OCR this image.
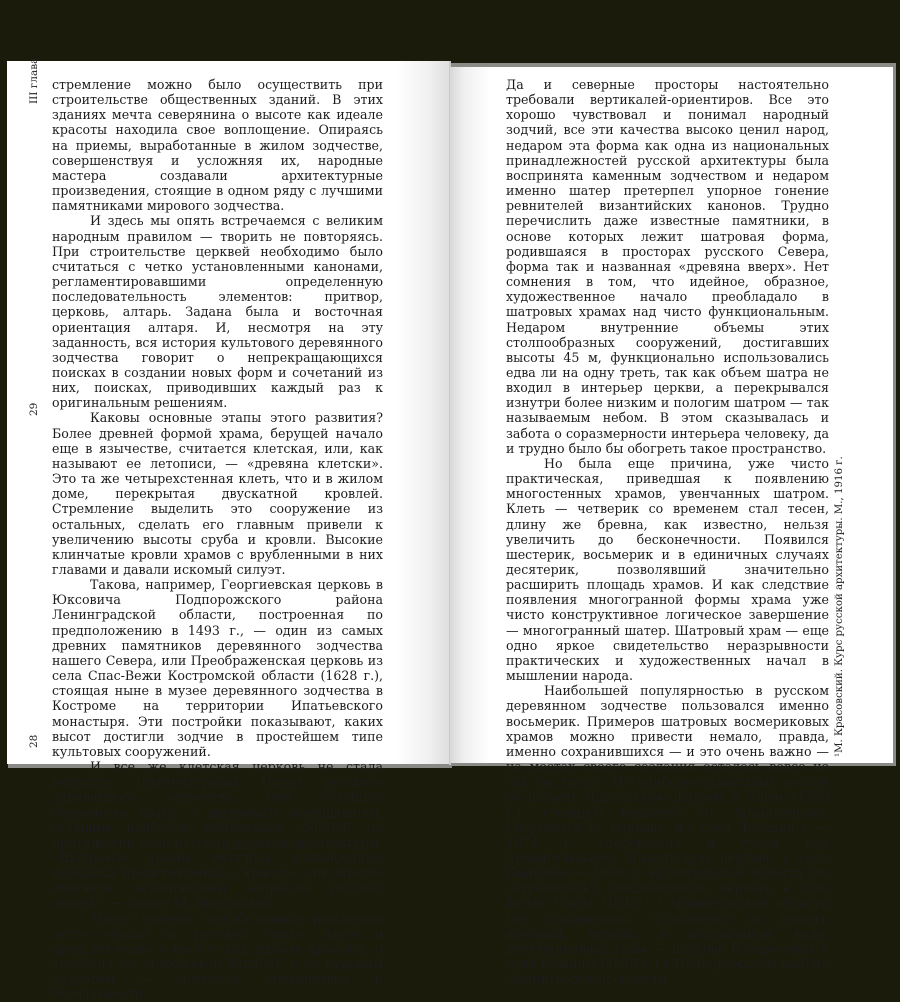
III глава
29
28

стремление можно было осуществить при строительстве общественных зданий. В этих зданиях мечта северянина о высоте как идеале красоты находила свое воплощение. Опираясь на приемы, выработанные в жилом зодчестве, совершенствуя и усложняя их, народные мастера создавали архитектурные произведения, стоящие в одном ряду с лучшими памятниками мирового зодчества.

И здесь мы опять встречаемся с великим народным правилом — творить не повторяясь. При строительстве церквей необходимо было считаться с четко установленными канонами, регламентировавшими определенную последовательность элементов: притвор, церковь, алтарь. Задана была и восточная ориентация алтаря. И, несмотря на эту заданность, вся история культового деревянного зодчества говорит о непрекращающихся поисках в создании новых форм и сочетаний из них, поисках, приводивших каждый раз к оригинальным решениям.

Каковы основные этапы этого развития? Более древней формой храма, берущей начало еще в язычестве, считается клетская, или, как называют ее летописи, — «древяна клетски». Это та же четырехстенная клеть, что и в жилом доме, перекрытая двускатной кровлей. Стремление выделить это сооружение из остальных, сделать его главным привели к увеличению высоты сруба и кровли. Высокие клинчатые кровли храмов с врубленными в них главами и давали искомый силуэт.

Такова, например, Георгиевская церковь в Юксовича Подпорожского района Ленинградской области, построенная по предположению в 1493 г., — один из самых древних памятников деревянного зодчества нашего Севера, или Преображенская церковь из села Спас-Вежи Костромской области (1628 г.), стоящая ныне в музее деревянного зодчества в Костроме на территории Ипатьевского монастыря. Эти постройки показывают, каких высот достигли зодчие в простейшем типе культовых сооружений.

И все же клетская церковь не стала ведущим архитектурным типом русского деревянного зодчества. Она уступила первенство храму с шатровым завершением, ставшим наиболее популярной формой на протяжении всей истории русской архитектуры. «Шатровые храмы являлись воплощением народных представлений о красоте, они вполне отвечали эстетическим запросам русских людей», — пишет М. Красовский$^1$.

Много причин способствовало рождению этого образа на русской земле. Здесь и представление о высоте как идеале красоты, и аналогия со сторожевой башней, с ее суровым силуэтом — символом спокойствия и безопасности.

Да и северные просторы настоятельно требовали вертикалей-ориентиров. Все это хорошо чувствовал и понимал народный зодчий, все эти качества высоко ценил народ, недаром эта форма как одна из национальных принадлежностей русской архитектуры была воспринята каменным зодчеством и недаром именно шатер претерпел упорное гонение ревнителей византийских канонов. Трудно перечислить даже известные памятники, в основе которых лежит шатровая форма, родившаяся в просторах русского Севера, форма так и названная «древяна вверх». Нет сомнения в том, что идейное, образное, художественное начало преобладало в шатровых храмах над чисто функциональным. Недаром внутренние объемы этих столпообразных сооружений, достигавших высоты 45 м, функционально использовались едва ли на одну треть, так как объем шатра не входил в интерьер церкви, а перекрывался изнутри более низким и пологим шатром — так называемым небом. В этом сказывалась и забота о соразмерности интерьера человеку, да и трудно было бы обогреть такое пространство.

Но была еще причина, уже чисто практическая, приведшая к появлению многостенных храмов, увенчанных шатром. Клеть — четверик со временем стал тесен, длину же бревна, как известно, нельзя увеличить до бесконечности. Появился шестерик, восьмерик и в единичных случаях десятерик, позволявший значительно расширить площадь храмов. И как следствие появления многогранной формы храма уже чисто конструктивное логическое завершение — многогранный шатер. Шатровый храм — еще одно яркое свидетельство неразрывности практических и художественных начал в мышлении народа.

Наибольшей популярностью в русском деревянном зодчестве пользовался именно восьмерик. Примеров шатровых восмериковых храмов можно привести немало, правда, именно сохранившихся — и это очень важно — на местах своего создания осталось вовсе не так уж много. Из наиболее известных нельзя не назвать Никольскую церковь в Лявле (1583 г.), стоящую недалеко от Архангельска, Георгиевскую церковь из села Вершины — 1672 г. (перевезена в музей под Архангельском), Никольскую церковь в селе Панилове — 1600 г. Архангельской области (не сохранилась), Владимирскую церковь в селе Белая Слуда (1642 г.) Архангельской области (не сохранилась). Сохранился до нашего времени, правда, в искаженном виде, десятериковый храм — церковь Воскресенья в селе Важины (1630 г.) в Подпорожском районе Ленинградской области.

¹М. Красовский. Курс русской архитектуры. М., 1916 г.
